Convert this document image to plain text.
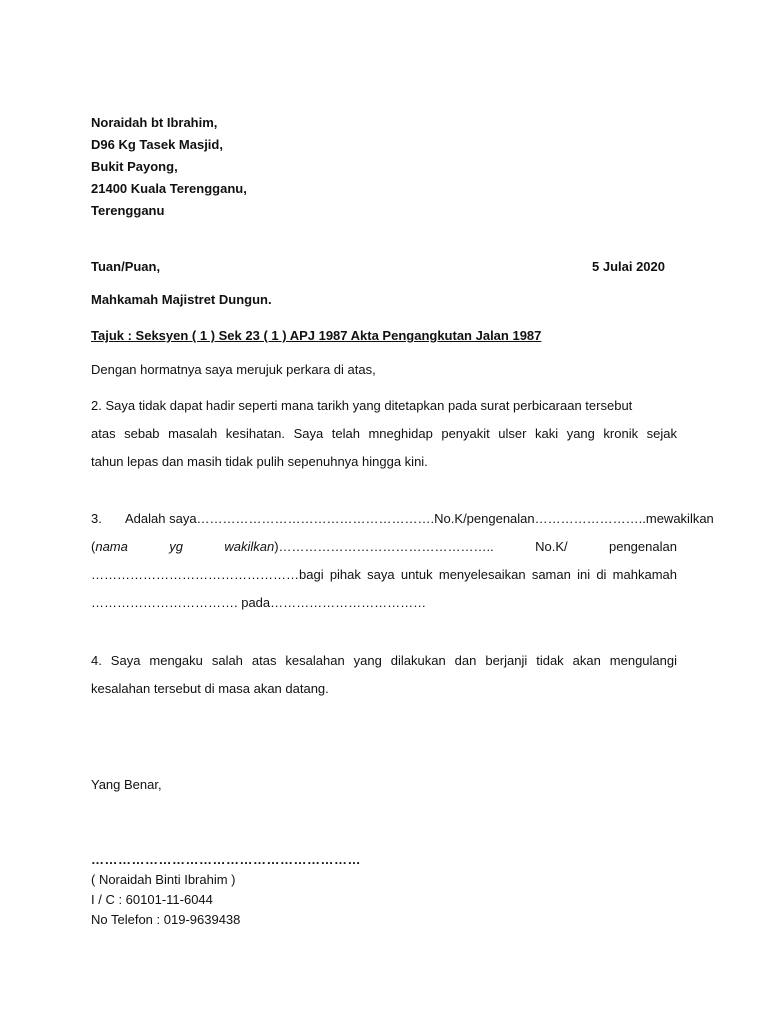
Noraidah bt Ibrahim,
D96 Kg Tasek Masjid,
Bukit Payong,
21400 Kuala Terengganu,
Terengganu
Tuan/Puan,	5 Julai 2020
Mahkamah Majistret Dungun.
Tajuk : Seksyen ( 1 ) Sek 23 ( 1 ) APJ 1987 Akta Pengangkutan Jalan 1987
Dengan hormatnya saya merujuk perkara di atas,
2. Saya tidak dapat hadir seperti mana tarikh yang ditetapkan pada surat perbicaraan tersebut
atas sebab masalah kesihatan. Saya telah mneghidap penyakit ulser kaki yang kronik sejak
tahun lepas dan masih tidak pulih sepenuhnya hingga kini.
3. Adalah saya……………………………………………….No.K/pengenalan …………………….. mewakilkan
(nama	yg	wakilkan)…………………………………………..	No.K/	pengenalan
…………………………………………bagi pihak saya untuk menyelesaikan saman ini di mahkamah
……………………………. pada………………………………
4. Saya mengaku salah atas kesalahan yang dilakukan dan berjanji tidak akan mengulangi
kesalahan tersebut di masa akan datang.
Yang Benar,
……………………………………………………
( Noraidah Binti Ibrahim )
I / C : 60101-11-6044
No Telefon : 019-9639438
